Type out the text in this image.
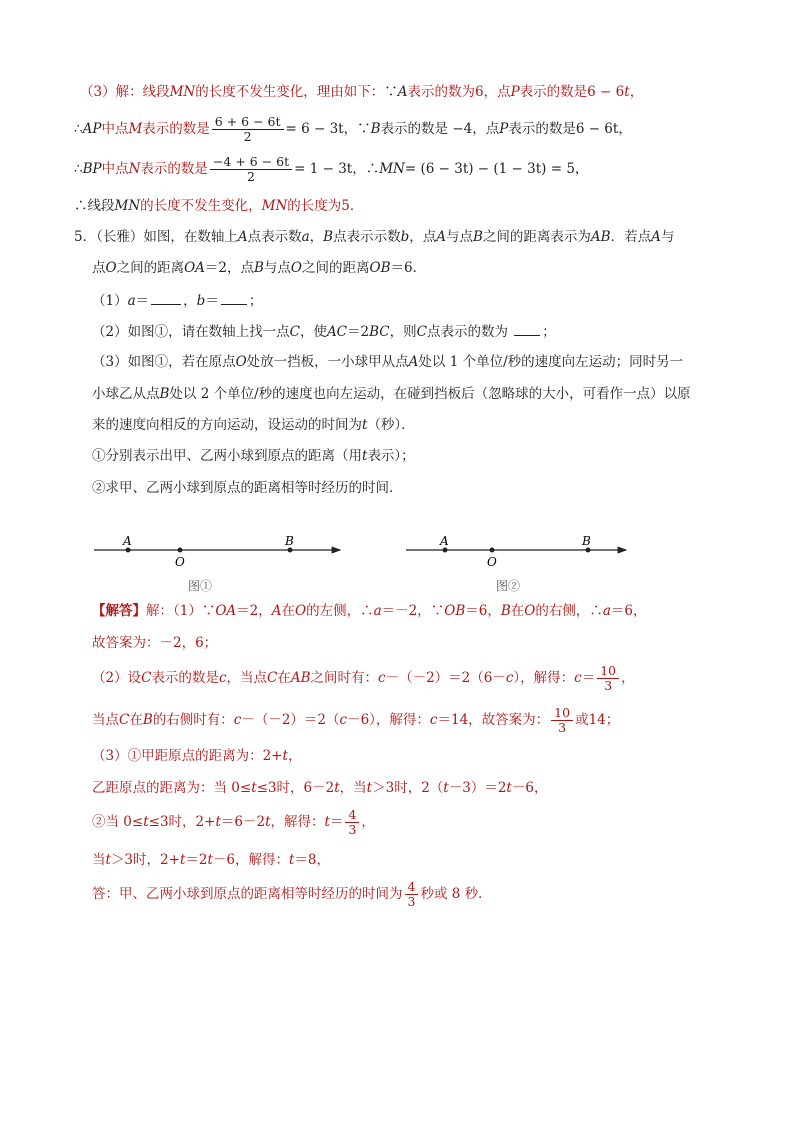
（3）解：线段MN的长度不发生变化，理由如下：∵A表示的数为6，点P表示的数是6 − 6t，
∴AP中点M表示的数是 $\frac{6 + 6 - 6t}{2} = 6 - 3t$，∵B表示的数是 −4，点P表示的数是6 − 6t，
∴BP中点N表示的数是 $\frac{-4 + 6 - 6t}{2} = 1 - 3t$，∴MN= (6 − 3t) − (1 − 3t) = 5，
∴线段MN的长度不发生变化，MN的长度为5．
5．（长雅）如图，在数轴上A点表示数a，B点表示示数b，点A与点B之间的距离表示为AB．若点A与
点O之间的距离OA＝2，点B与点O之间的距离OB＝6．
（1）a＝	，b＝ ；
（2）如图①，请在数轴上找一点C，使AC＝2BC，则C点表示的数为	；
（3）如图①，若在原点O处放一挡板，一小球甲从点A处以 1 个单位/秒的速度向左运动；同时另一
小球乙从点B处以 2 个单位/秒的速度也向左运动，在碰到挡板后（忽略球的大小，可看作一点）以原
来的速度向相反的方向运动，设运动的时间为t（秒）．
①分别表示出甲、乙两小球到原点的距离（用t表示）；
②求甲、乙两小球到原点的距离相等时经历的时间．
A
O
B
图①
A
O
B
图②
【解答】解：（1）∵OA＝2，A在O的左侧，∴a＝－2，∵OB＝6，B在O的右侧，∴a＝6，
故答案为：－2，6；
（2）设C表示的数是c，当点C在AB之间时有：c－（－2）＝2（6－c），解得：$c= \frac{10}{3}$ ，
当点C在B的右侧时有：c－（－2）＝2（c－6），解得：c＝14，故答案为： $\frac{10}{3}$ 或14；
（3）①甲距原点的距离为：2+t，
乙距原点的距离为：当 0≤t≤3时，6－2t，当t＞3时，2（t－3）＝2t－6，
②当 0≤t≤3时，2+t＝6－2t，解得：$t= \frac{4}{3}$ ，
当t＞3时，2+t＝2t－6，解得：t＝8，
答：甲、乙两小球到原点的距离相等时经历的时间为 $\frac{4}{3}$ 秒或 8 秒．
